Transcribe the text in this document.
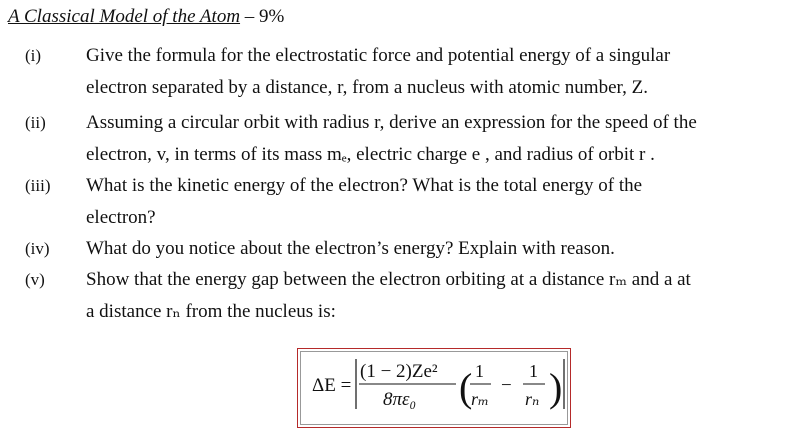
A Classical Model of the Atom – 9%
(i) Give the formula for the electrostatic force and potential energy of a singular
electron separated by a distance, r, from a nucleus with atomic number, Z.
(ii) Assuming a circular orbit with radius r, derive an expression for the speed of the
electron, v, in terms of its mass mₑ, electric charge e , and radius of orbit r .
(iii) What is the kinetic energy of the electron? What is the total energy of the
electron?
(iv) What do you notice about the electron’s energy? Explain with reason.
(v) Show that the energy gap between the electron orbiting at a distance rₘ and a at
a distance rₙ from the nucleus is:
ΔE =
(1 − 2)Ze²
8πε₀ ( )
1
rₘ
−
1
rₙ
